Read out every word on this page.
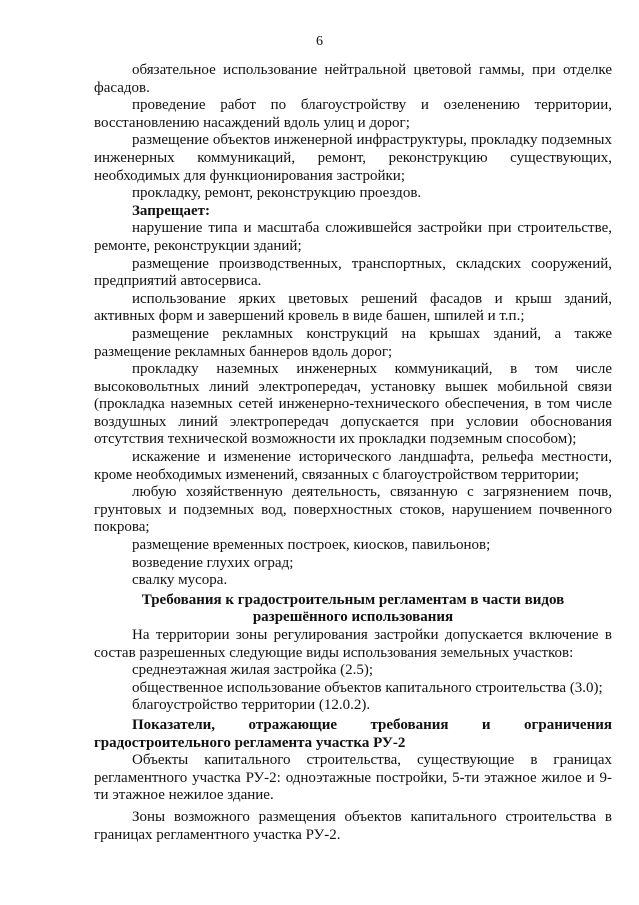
6

обязательное использование нейтральной цветовой гаммы, при отделке фасадов.

проведение работ по благоустройству и озеленению территории, восстановлению насаждений вдоль улиц и дорог;

размещение объектов инженерной инфраструктуры, прокладку подземных инженерных коммуникаций, ремонт, реконструкцию существующих, необходимых для функционирования застройки;

прокладку, ремонт, реконструкцию проездов.

Запрещает:

нарушение типа и масштаба сложившейся застройки при строительстве, ремонте, реконструкции зданий;

размещение производственных, транспортных, складских сооружений, предприятий автосервиса.

использование ярких цветовых решений фасадов и крыш зданий, активных форм и завершений кровель в виде башен, шпилей и т.п.;

размещение рекламных конструкций на крышах зданий, а также размещение рекламных баннеров вдоль дорог;

прокладку наземных инженерных коммуникаций, в том числе высоковольтных линий электропередач, установку вышек мобильной связи (прокладка наземных сетей инженерно-технического обеспечения, в том числе воздушных линий электропередач допускается при условии обоснования отсутствия технической возможности их прокладки подземным способом);

искажение и изменение исторического ландшафта, рельефа местности, кроме необходимых изменений, связанных с благоустройством территории;

любую хозяйственную деятельность, связанную с загрязнением почв, грунтовых и подземных вод, поверхностных стоков, нарушением почвенного покрова;

размещение временных построек, киосков, павильонов;

возведение глухих оград;

свалку мусора.

Требования к градостроительным регламентам в части видов

разрешённого использования

На территории зоны регулирования застройки допускается включение в состав разрешенных следующие виды использования земельных участков:

среднеэтажная жилая застройка (2.5);

общественное использование объектов капитального строительства (3.0);

благоустройство территории (12.0.2).

Показатели, отражающие требования и ограничения градостроительного регламента участка РУ-2

Объекты капитального строительства, существующие в границах регламентного участка РУ-2: одноэтажные постройки, 5-ти этажное жилое и 9-ти этажное нежилое здание.

Зоны возможного размещения объектов капитального строительства в границах регламентного участка РУ-2.
